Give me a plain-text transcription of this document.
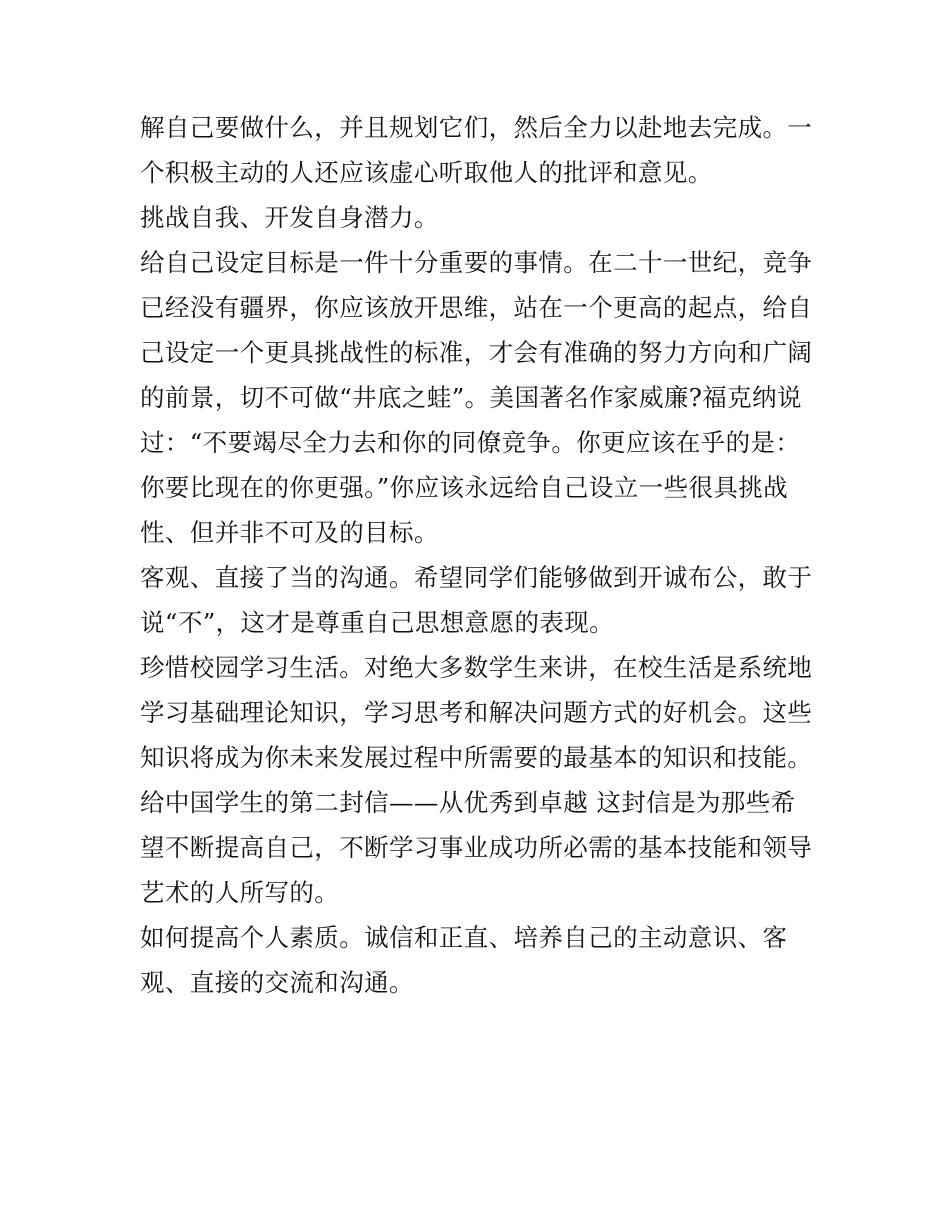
解自己要做什么，并且规划它们，然后全力以赴地去完成。一
个积极主动的人还应该虚心听取他人的批评和意见。
挑战自我、开发自身潜力。
给自己设定目标是一件十分重要的事情。在二十一世纪，竞争
已经没有疆界，你应该放开思维，站在一个更高的起点，给自
己设定一个更具挑战性的标准，才会有准确的努力方向和广阔
的前景，切不可做“井底之蛙”。美国著名作家威廉?福克纳说
过：“不要竭尽全力去和你的同僚竞争。你更应该在乎的是：
你要比现在的你更强。”你应该永远给自己设立一些很具挑战
性、但并非不可及的目标。
客观、直接了当的沟通。希望同学们能够做到开诚布公，敢于
说“不”，这才是尊重自己思想意愿的表现。
珍惜校园学习生活。对绝大多数学生来讲，在校生活是系统地
学习基础理论知识，学习思考和解决问题方式的好机会。这些
知识将成为你未来发展过程中所需要的最基本的知识和技能。
给中国学生的第二封信——从优秀到卓越 这封信是为那些希
望不断提高自己，不断学习事业成功所必需的基本技能和领导
艺术的人所写的。
如何提高个人素质。诚信和正直、培养自己的主动意识、客
观、直接的交流和沟通。
